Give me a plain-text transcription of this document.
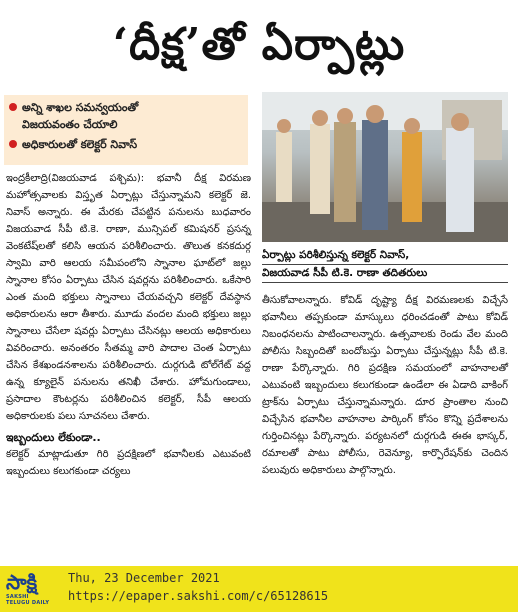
‘దీక్ష’తో ఏర్పాట్లు
అన్ని శాఖల సమన్వయంతో
విజయవంతం చేయాలి
అధికారులతో కలెక్టర్ నివాస్

ఇంద్రకీలాద్రి(విజయవాడ పశ్చిమ): భవానీ దీక్ష విరమణ మహోత్సవాలకు విస్తృత ఏర్పాట్లు చేస్తున్నామని కలెక్టర్ జె. నివాస్ అన్నారు. ఈ మేరకు చేపట్టిన పనులను బుధవారం విజయవాడ సీపీ టి.కె. రాణా, మున్సిపల్ కమిషనర్ ప్రసన్న వెంకటేష్‌లతో కలిసి ఆయన పరిశీలించారు. తొలుత కనకదుర్గ స్వామి వారి ఆలయ సమీపంలోని స్నానాల ఘాట్‌లో జల్లు స్నానాల కోసం ఏర్పాటు చేసిన షవర్లను పరిశీలించారు. ఒకేసారి ఎంత మంది భక్తులు స్నానాలు చేయవచ్చని కలెక్టర్ దేవస్థాన అధికారులను ఆరా తీశారు. మూడు వందల మంది భక్తులు జల్లు స్నానాలు చేసేలా షవర్లు ఏర్పాటు చేసినట్లు ఆలయ అధికారులు వివరించారు. అనంతరం సీతమ్మ వారి పాదాల చెంత ఏర్పాటు చేసిన కేశఖండనశాలను పరిశీలించారు. దుర్గగుడి టోల్‌గేట్ వద్ద ఉన్న క్యూలైన్ పనులను తనిఖీ చేశారు. హోమగుండాలు, ప్రసాదాల కౌంటర్లను పరిశీలించిన కలెక్టర్, సీపీ ఆలయ అధికారులకు పలు సూచనలు చేశారు.

ఇబ్బందులు లేకుండా..

కలెక్టర్ మాట్లాడుతూ గిరి ప్రదక్షిణలో భవానీలకు ఎటువంటి ఇబ్బందులు కలుగకుండా చర్యలు

ఏర్పాట్లు పరిశీలిస్తున్న కలెక్టర్ నివాస్,
విజయవాడ సీపీ టి.కె. రాణా తదితరులు

తీసుకోవాలన్నారు. కోవిడ్ దృష్ట్యా దీక్ష విరమణలకు విచ్చేసే భవానీలు తప్పకుండా మాస్కులు ధరించడంతో పాటు కోవిడ్ నిబంధనలను పాటించాలన్నారు. ఉత్సవాలకు రెండు వేల మంది పోలీసు సిబ్బందితో బందోబస్తు ఏర్పాటు చేస్తున్నట్లు సీపీ టి.కె. రాణా పేర్కొన్నారు. గిరి ప్రదక్షిణ సమయంలో వాహనాలతో ఎటువంటి ఇబ్బందులు కలుగకుండా ఉండేలా ఈ ఏడాది వాకింగ్ ట్రాక్‌ను ఏర్పాటు చేస్తున్నామన్నారు. దూర ప్రాంతాల నుంచి విచ్చేసిన భవానీల వాహనాల పార్కింగ్ కోసం కొన్ని ప్రదేశాలను గుర్తించినట్లు పేర్కొన్నారు. పర్యటనలో దుర్గగుడి ఈఈ భాస్కర్, రమాలతో పాటు పోలీసు, రెవెన్యూ, కార్పొరేషన్‌కు చెందిన పలువురు అధికారులు పాల్గొన్నారు.

సాక్షి
SAKSHI TELUGU DAILY
Thu, 23 December 2021
https://epaper.sakshi.com/c/65128615
